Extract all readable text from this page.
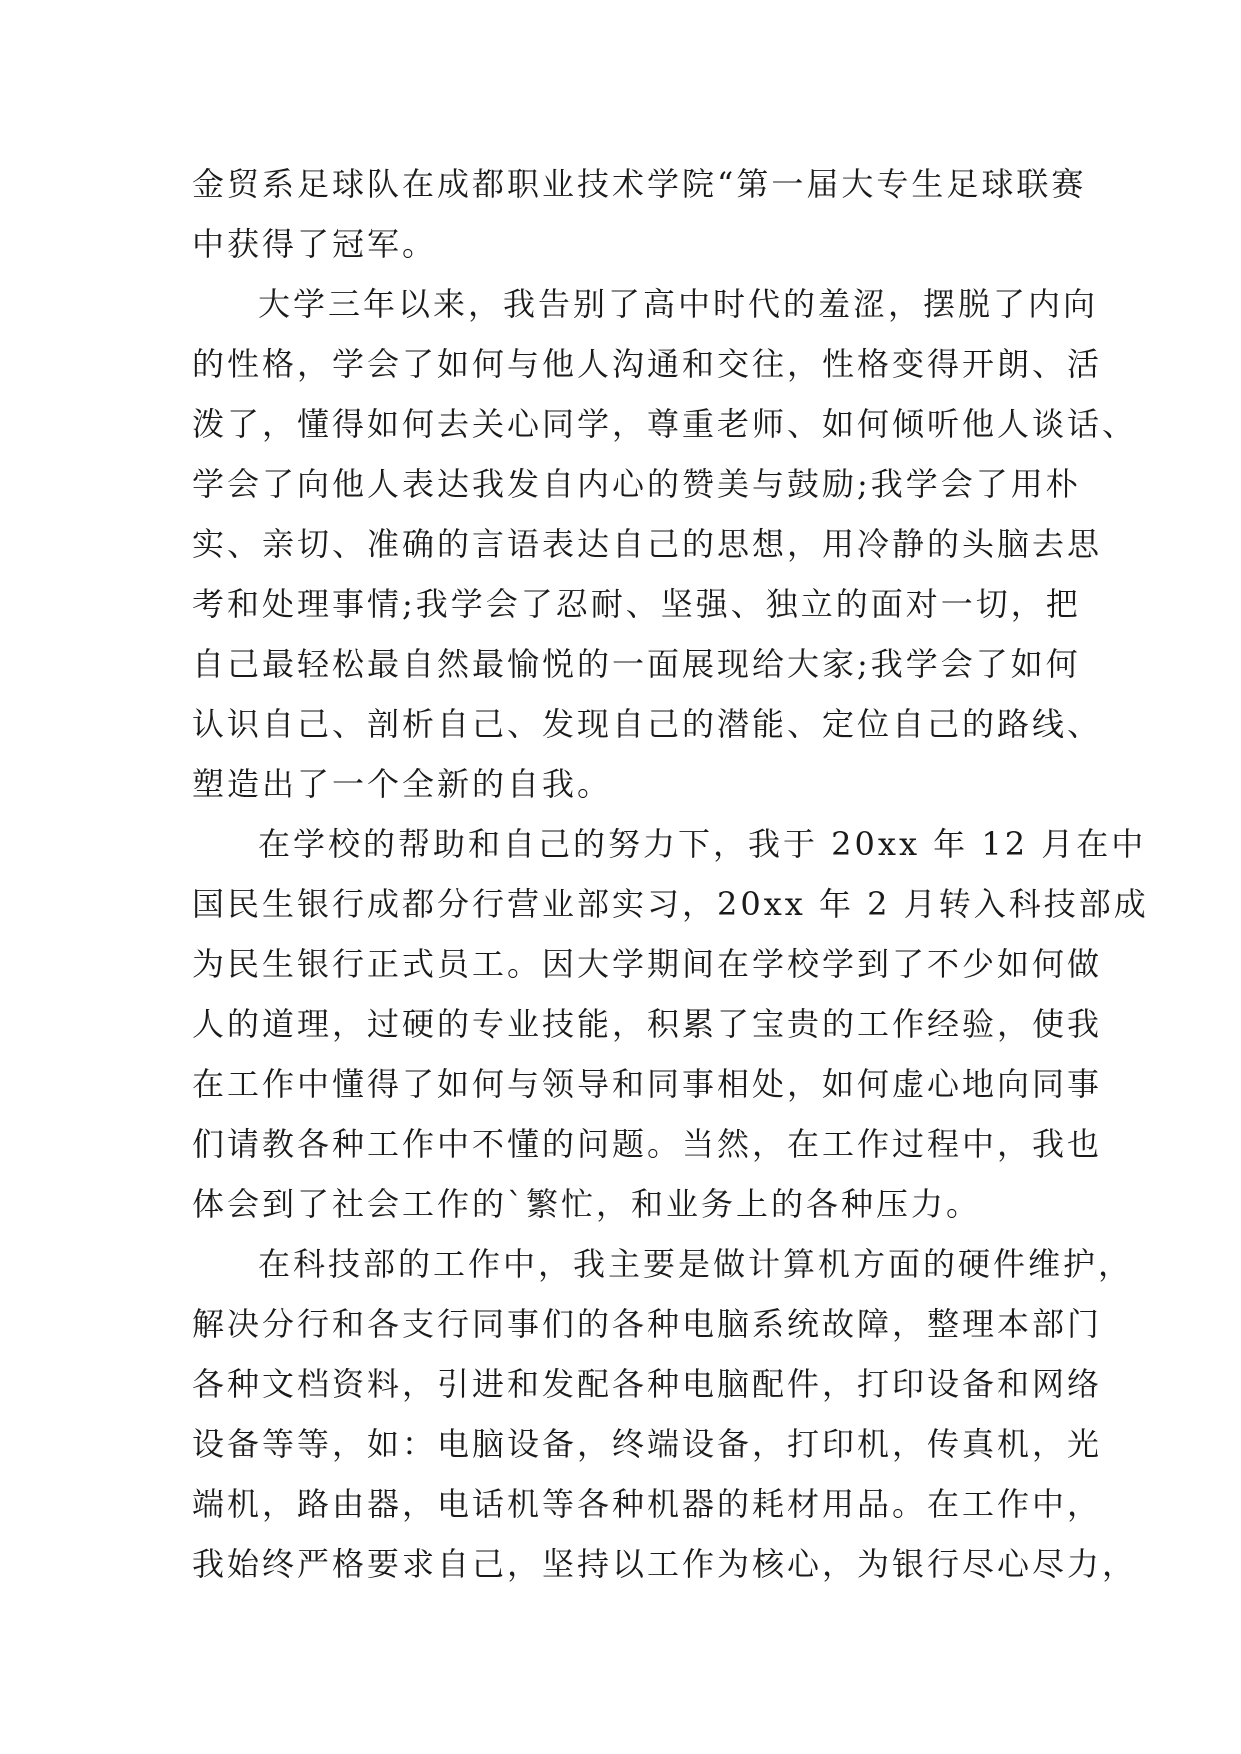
金贸系足球队在成都职业技术学院“第一届大专生足球联赛
中获得了冠军。
大学三年以来，我告别了高中时代的羞涩，摆脱了内向
的性格，学会了如何与他人沟通和交往，性格变得开朗、活
泼了，懂得如何去关心同学，尊重老师、如何倾听他人谈话、
学会了向他人表达我发自内心的赞美与鼓励;我学会了用朴
实、亲切、准确的言语表达自己的思想，用冷静的头脑去思
考和处理事情;我学会了忍耐、坚强、独立的面对一切，把
自己最轻松最自然最愉悦的一面展现给大家;我学会了如何
认识自己、剖析自己、发现自己的潜能、定位自己的路线、
塑造出了一个全新的自我。
在学校的帮助和自己的努力下，我于 20xx 年 12 月在中
国民生银行成都分行营业部实习，20xx 年 2 月转入科技部成
为民生银行正式员工。因大学期间在学校学到了不少如何做
人的道理，过硬的专业技能，积累了宝贵的工作经验，使我
在工作中懂得了如何与领导和同事相处，如何虚心地向同事
们请教各种工作中不懂的问题。当然，在工作过程中，我也
体会到了社会工作的`繁忙，和业务上的各种压力。
在科技部的工作中，我主要是做计算机方面的硬件维护，
解决分行和各支行同事们的各种电脑系统故障，整理本部门
各种文档资料，引进和发配各种电脑配件，打印设备和网络
设备等等，如：电脑设备，终端设备，打印机，传真机，光
端机，路由器，电话机等各种机器的耗材用品。在工作中，
我始终严格要求自己，坚持以工作为核心，为银行尽心尽力，
